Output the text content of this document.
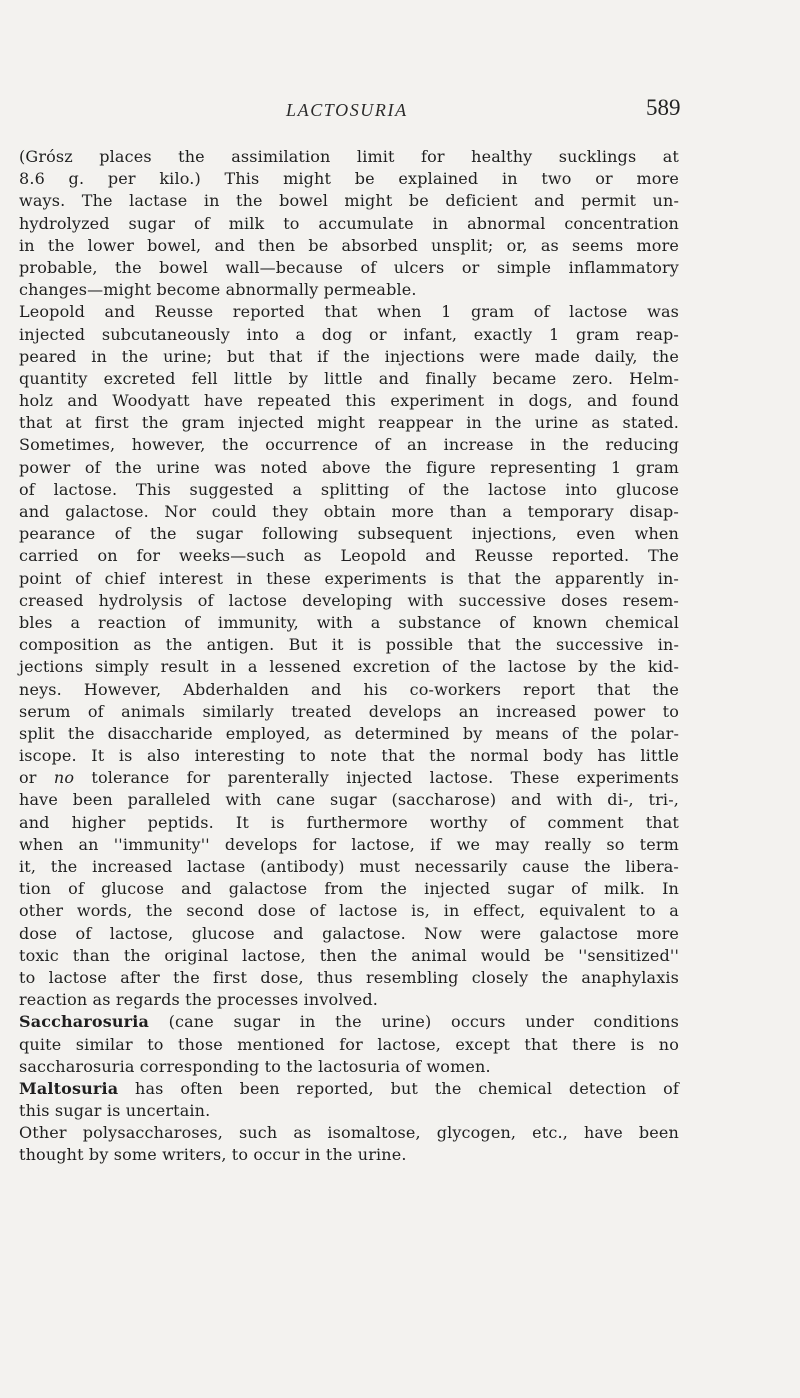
LACTOSURIA	589
(Grósz places the assimilation limit for healthy sucklings at
8.6 g. per kilo.) This might be explained in two or more
ways. The lactase in the bowel might be deficient and permit un-
hydrolyzed sugar of milk to accumulate in abnormal concentration
in the lower bowel, and then be absorbed unsplit; or, as seems more
probable, the bowel wall—because of ulcers or simple inflammatory
changes—might become abnormally permeable.
Leopold and Reusse reported that when 1 gram of lactose was
injected subcutaneously into a dog or infant, exactly 1 gram reap-
peared in the urine; but that if the injections were made daily, the
quantity excreted fell little by little and finally became zero. Helm-
holz and Woodyatt have repeated this experiment in dogs, and found
that at first the gram injected might reappear in the urine as stated.
Sometimes, however, the occurrence of an increase in the reducing
power of the urine was noted above the figure representing 1 gram
of lactose. This suggested a splitting of the lactose into glucose
and galactose. Nor could they obtain more than a temporary disap-
pearance of the sugar following subsequent injections, even when
carried on for weeks—such as Leopold and Reusse reported. The
point of chief interest in these experiments is that the apparently in-
creased hydrolysis of lactose developing with successive doses resem-
bles a reaction of immunity, with a substance of known chemical
composition as the antigen. But it is possible that the successive in-
jections simply result in a lessened excretion of the lactose by the kid-
neys. However, Abderhalden and his co-workers report that the
serum of animals similarly treated develops an increased power to
split the disaccharide employed, as determined by means of the polar-
iscope. It is also interesting to note that the normal body has little
or no tolerance for parenterally injected lactose. These experiments
have been paralleled with cane sugar (saccharose) and with di-, tri-,
and higher peptids. It is furthermore worthy of comment that
when an ''immunity'' develops for lactose, if we may really so term
it, the increased lactase (antibody) must necessarily cause the libera-
tion of glucose and galactose from the injected sugar of milk. In
other words, the second dose of lactose is, in effect, equivalent to a
dose of lactose, glucose and galactose. Now were galactose more
toxic than the original lactose, then the animal would be ''sensitized''
to lactose after the first dose, thus resembling closely the anaphylaxis
reaction as regards the processes involved.
Saccharosuria (cane sugar in the urine) occurs under conditions
quite similar to those mentioned for lactose, except that there is no
saccharosuria corresponding to the lactosuria of women.
Maltosuria has often been reported, but the chemical detection of
this sugar is uncertain.
Other polysaccharoses, such as isomaltose, glycogen, etc., have been
thought by some writers, to occur in the urine.
